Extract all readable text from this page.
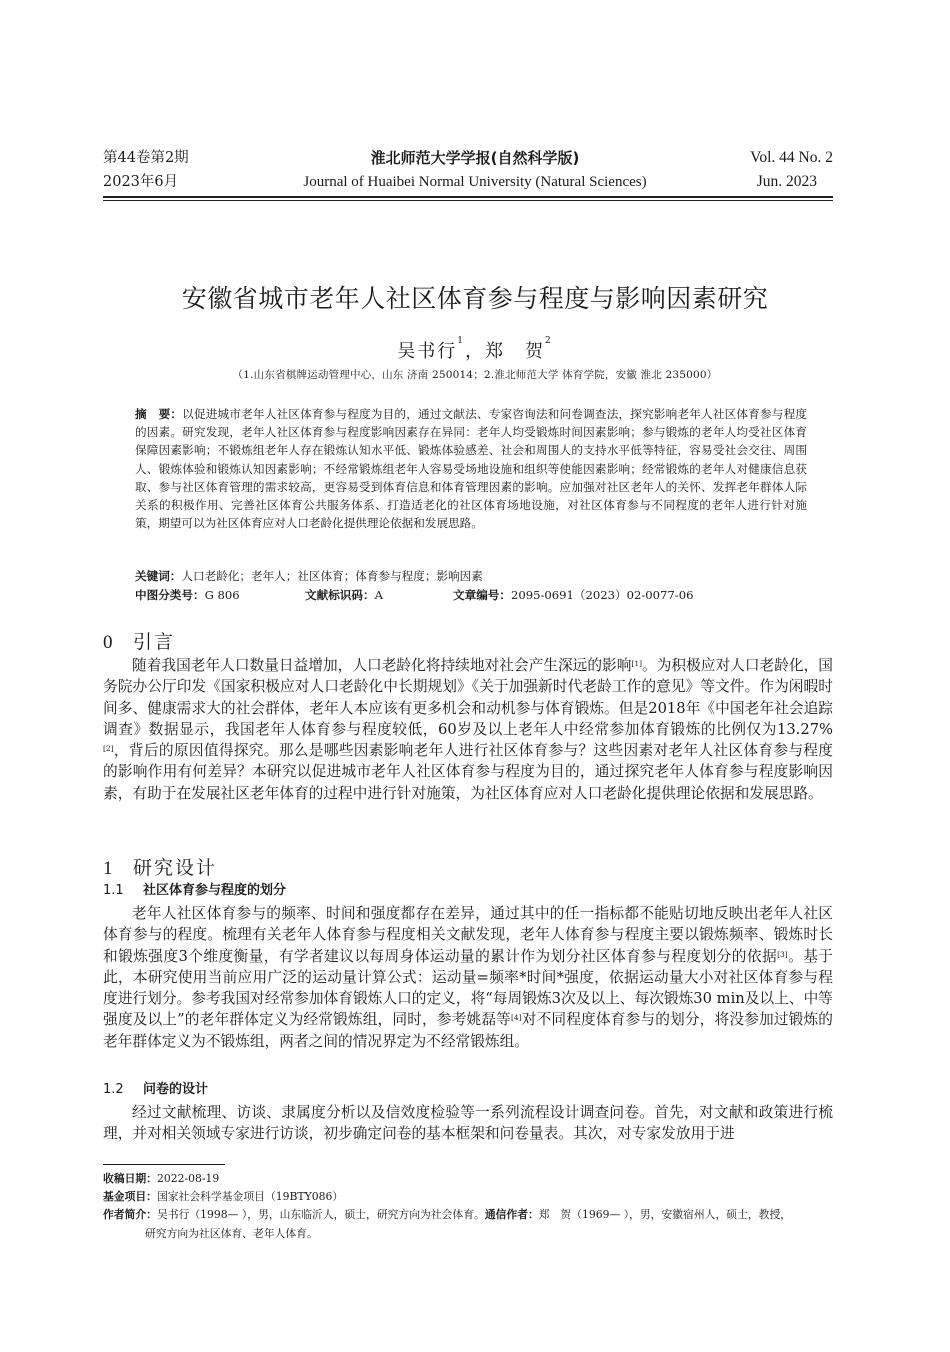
第44卷第2期
2023年6月
淮北师范大学学报(自然科学版)
Journal of Huaibei Normal University (Natural Sciences)
Vol. 44 No. 2
Jun. 2023
安徽省城市老年人社区体育参与程度与影响因素研究
吴书行$^1$，郑　贺$^2$
（1.山东省棋牌运动管理中心，山东 济南 250014；2.淮北师范大学 体育学院，安徽 淮北 235000）
摘　要：以促进城市老年人社区体育参与程度为目的，通过文献法、专家咨询法和问卷调查法，探究影响老年人社区体育参与程度的因素。研究发现，老年人社区体育参与程度影响因素存在异同：老年人均受锻炼时间因素影响；参与锻炼的老年人均受社区体育保障因素影响；不锻炼组老年人存在锻炼认知水平低、锻炼体验感差、社会和周围人的支持水平低等特征，容易受社会交往、周围人、锻炼体验和锻炼认知因素影响；不经常锻炼组老年人容易受场地设施和组织等使能因素影响；经常锻炼的老年人对健康信息获取、参与社区体育管理的需求较高，更容易受到体育信息和体育管理因素的影响。应加强对社区老年人的关怀、发挥老年群体人际关系的积极作用、完善社区体育公共服务体系、打造适老化的社区体育场地设施，对社区体育参与不同程度的老年人进行针对施策，期望可以为社区体育应对人口老龄化提供理论依据和发展思路。
关键词：人口老龄化；老年人；社区体育；体育参与程度；影响因素
中图分类号：G 806	文献标识码：A	文章编号：2095-0691（2023）02-0077-06
0 引言
随着我国老年人口数量日益增加，人口老龄化将持续地对社会产生深远的影响[1]。为积极应对人口老龄化，国务院办公厅印发《国家积极应对人口老龄化中长期规划》《关于加强新时代老龄工作的意见》等文件。作为闲暇时间多、健康需求大的社会群体，老年人本应该有更多机会和动机参与体育锻炼。但是2018年《中国老年社会追踪调查》数据显示，我国老年人体育参与程度较低，60岁及以上老年人中经常参加体育锻炼的比例仅为13.27%[2]，背后的原因值得探究。那么是哪些因素影响老年人进行社区体育参与？这些因素对老年人社区体育参与程度的影响作用有何差异？本研究以促进城市老年人社区体育参与程度为目的，通过探究老年人体育参与程度影响因素，有助于在发展社区老年体育的过程中进行针对施策，为社区体育应对人口老龄化提供理论依据和发展思路。
1 研究设计
1.1 社区体育参与程度的划分
老年人社区体育参与的频率、时间和强度都存在差异，通过其中的任一指标都不能贴切地反映出老年人社区体育参与的程度。梳理有关老年人体育参与程度相关文献发现，老年人体育参与程度主要以锻炼频率、锻炼时长和锻炼强度3个维度衡量，有学者建议以每周身体运动量的累计作为划分社区体育参与程度划分的依据[3]。基于此，本研究使用当前应用广泛的运动量计算公式：运动量=频率*时间*强度，依据运动量大小对社区体育参与程度进行划分。参考我国对经常参加体育锻炼人口的定义，将“每周锻炼3次及以上、每次锻炼30 min及以上、中等强度及以上”的老年群体定义为经常锻炼组，同时，参考姚磊等[4]对不同程度体育参与的划分，将没参加过锻炼的老年群体定义为不锻炼组，两者之间的情况界定为不经常锻炼组。
1.2 问卷的设计
经过文献梳理、访谈、隶属度分析以及信效度检验等一系列流程设计调查问卷。首先，对文献和政策进行梳理，并对相关领域专家进行访谈，初步确定问卷的基本框架和问卷量表。其次，对专家发放用于进
收稿日期：2022-08-19
基金项目：国家社会科学基金项目（19BTY086）
作者简介：吴书行（1998— ），男，山东临沂人，硕士，研究方向为社会体育。通信作者：郑　贺（1969— ），男，安徽宿州人，硕士，教授，
研究方向为社区体育、老年人体育。
